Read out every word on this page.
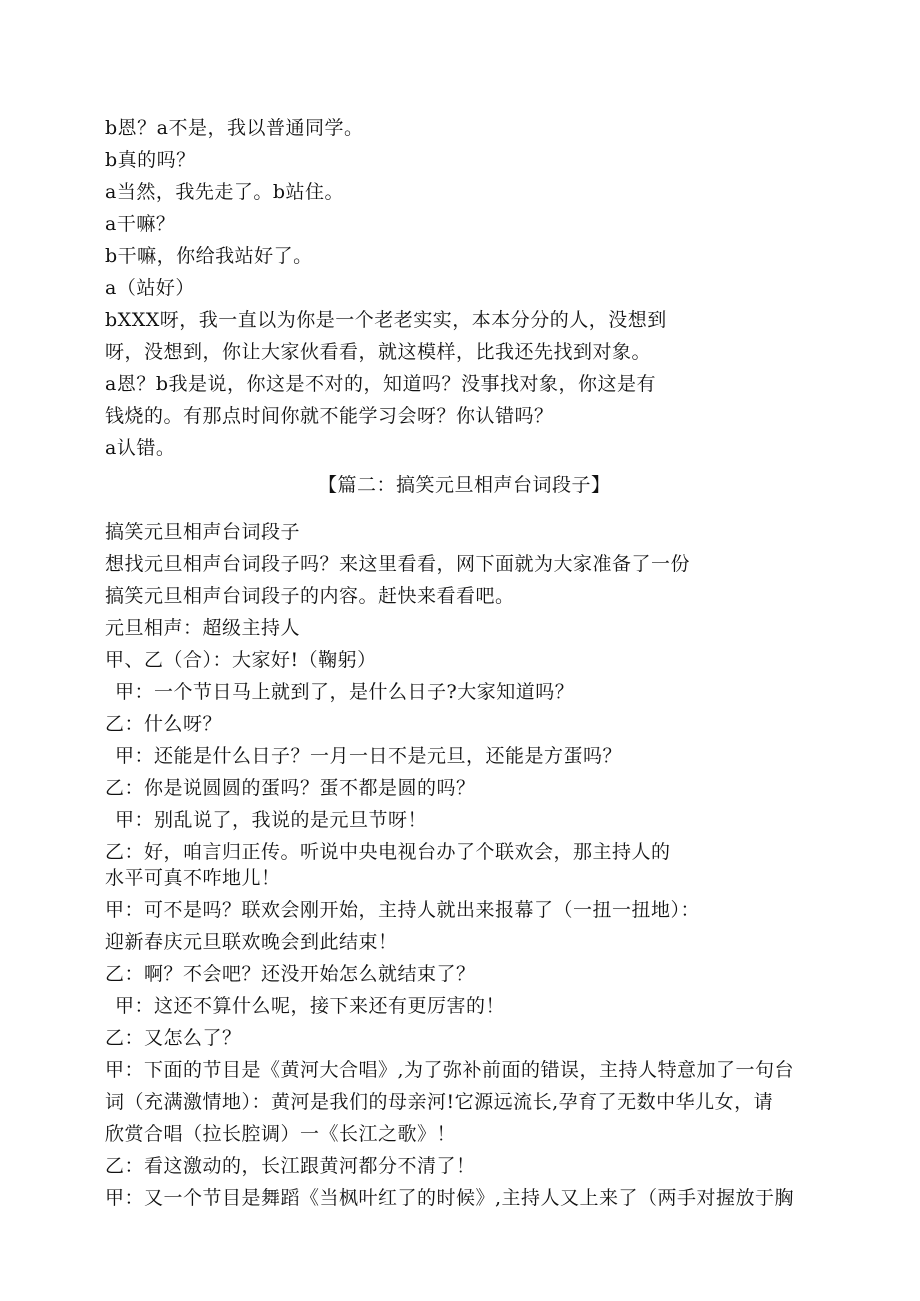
b恩？a不是，我以普通同学。
b真的吗？
a当然，我先走了。b站住。
a干嘛？
b干嘛，你给我站好了。
a（站好）
bXXX呀，我一直以为你是一个老老实实，本本分分的人，没想到
呀，没想到，你让大家伙看看，就这模样，比我还先找到对象。
a恩？b我是说，你这是不对的，知道吗？没事找对象，你这是有
钱烧的。有那点时间你就不能学习会呀？你认错吗？
a认错。
【篇二：搞笑元旦相声台词段子】
搞笑元旦相声台词段子
想找元旦相声台词段子吗？来这里看看，网下面就为大家准备了一份
搞笑元旦相声台词段子的内容。赶快来看看吧。
元旦相声：超级主持人
甲、乙（合）：大家好!（鞠躬）
甲：一个节日马上就到了，是什么日子?大家知道吗？
乙：什么呀？
甲：还能是什么日子？一月一日不是元旦，还能是方蛋吗？
乙：你是说圆圆的蛋吗？蛋不都是圆的吗？
甲：别乱说了，我说的是元旦节呀！
乙：好，咱言归正传。听说中央电视台办了个联欢会，那主持人的
水平可真不咋地儿！
甲：可不是吗？联欢会刚开始，主持人就出来报幕了（一扭一扭地）：
迎新春庆元旦联欢晚会到此结束！
乙：啊？不会吧？还没开始怎么就结束了？
甲：这还不算什么呢，接下来还有更厉害的！
乙：又怎么了？
甲：下面的节目是《黄河大合唱》,为了弥补前面的错误，主持人特意加了一句台
词（充满激情地）：黄河是我们的母亲河!它源远流长,孕育了无数中华儿女，请
欣赏合唱（拉长腔调）一《长江之歌》！
乙：看这激动的，长江跟黄河都分不清了！
甲：又一个节目是舞蹈《当枫叶红了的时候》,主持人又上来了（两手对握放于胸
